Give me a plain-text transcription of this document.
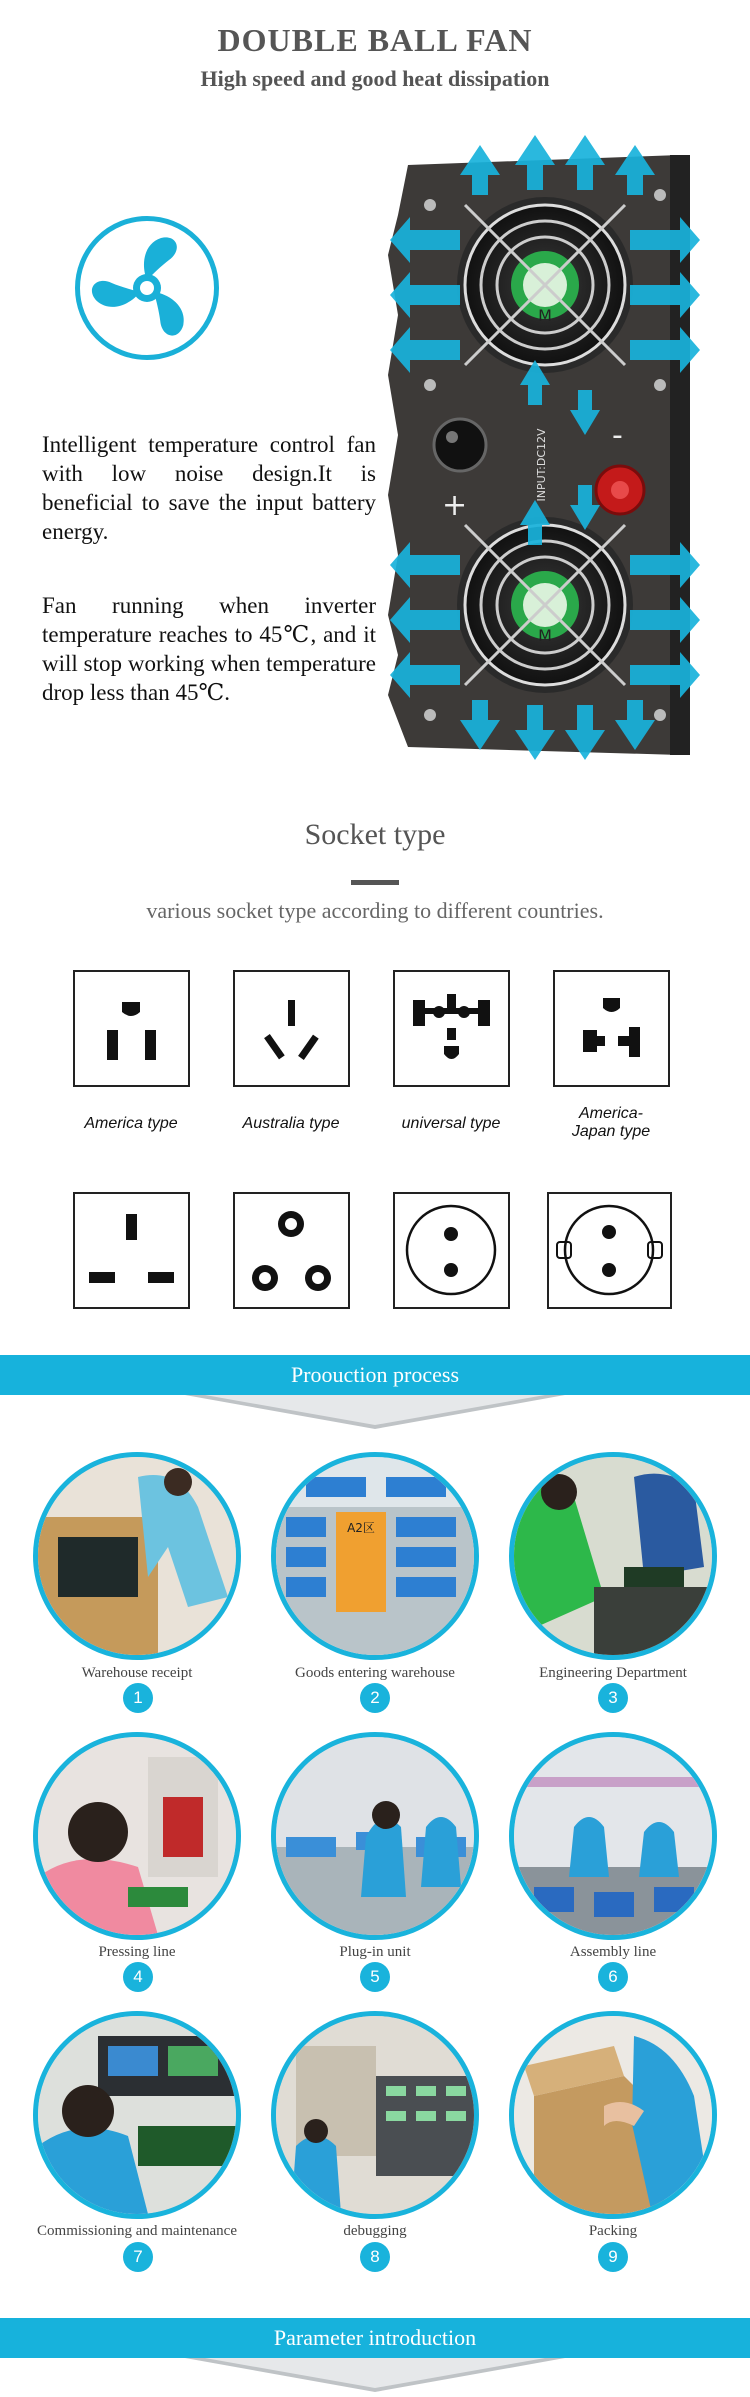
DOUBLE BALL FAN
High speed and good heat dissipation
Intelligent temperature control fan with low noise design.It is beneficial to save the input battery energy.
Fan running when inverter temperature reaches to 45℃, and it will stop working when temperature drop less than 45℃.
M
M
+
-
INPUT:DC12V
Socket type
various socket type according to different countries.
America type	Australia type	universal type
America-
Japan type
Proouction process
A2区
Warehouse receipt	Goods entering warehouse	Engineering Department
1	2	3
Pressing line	Plug-in unit	Assembly line
4	5	6
Commissioning and maintenance	debugging	Packing
7	8	9
Parameter introduction
